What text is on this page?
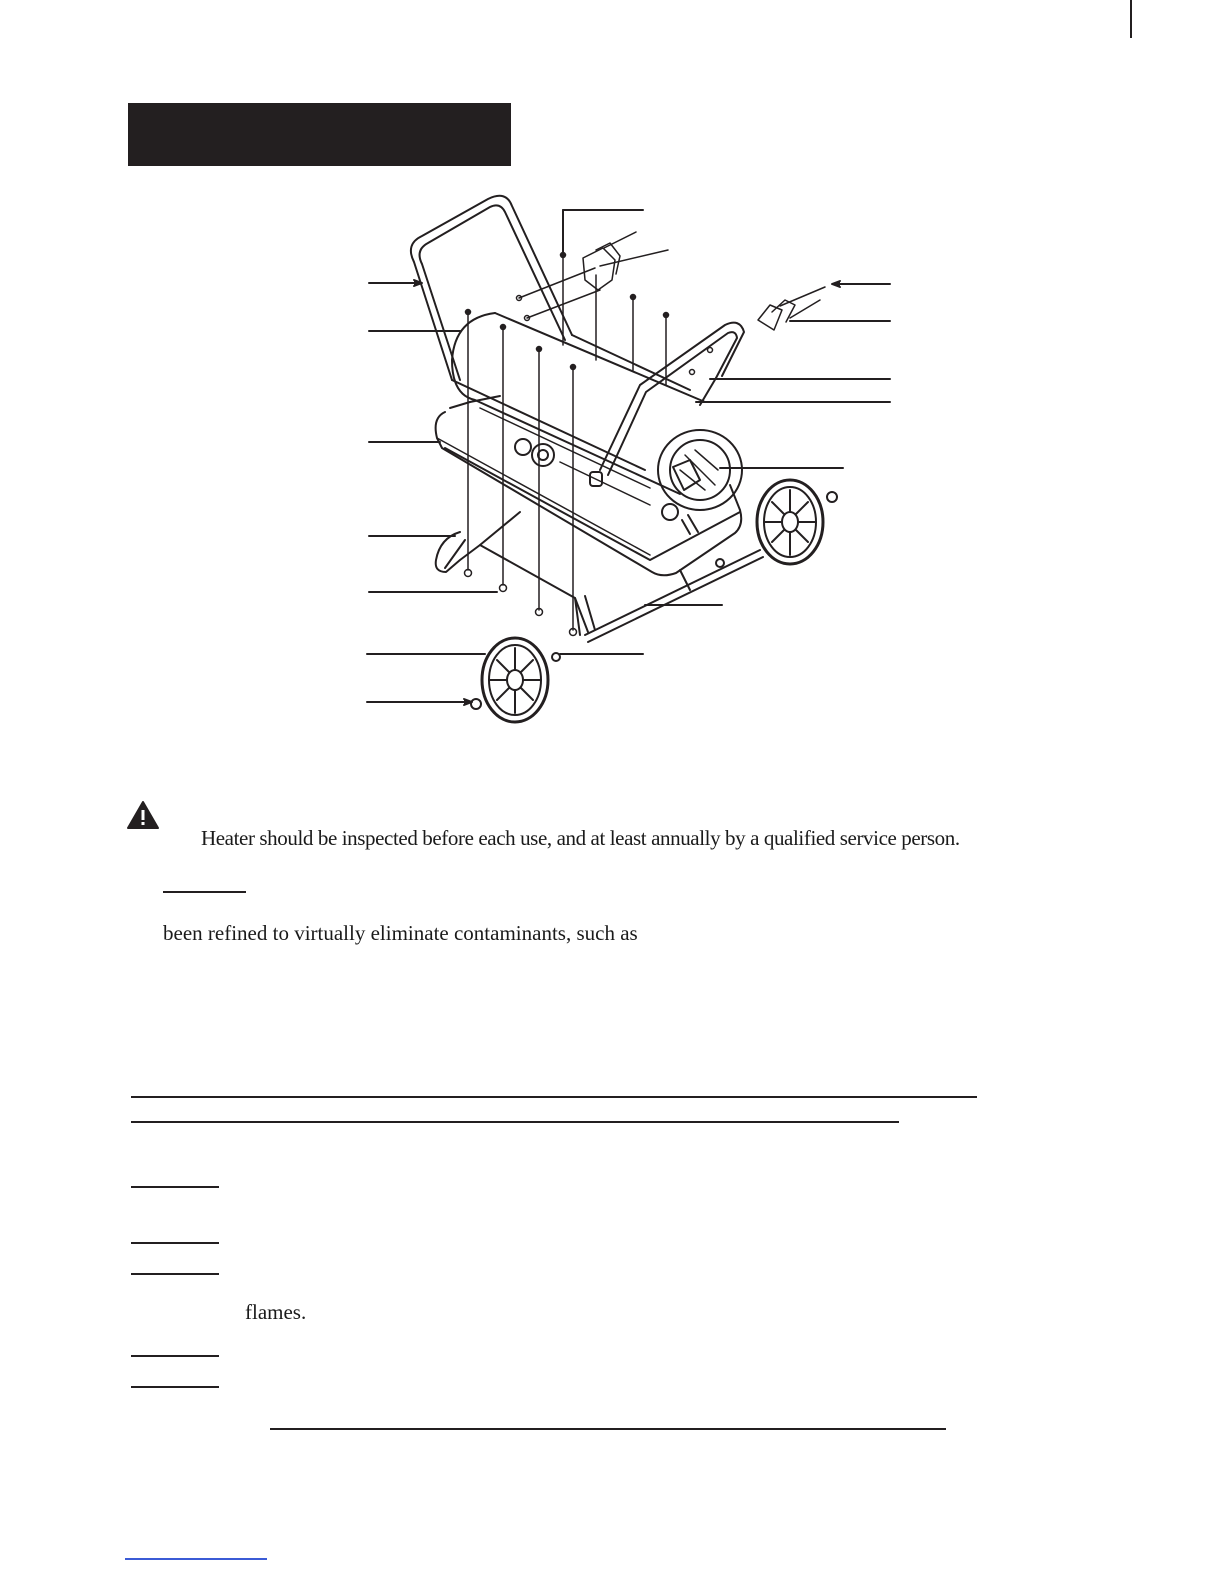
Heater should be inspected before each use, and at least annually by a qualified service person.
been refined to virtually eliminate contaminants, such as
flames.
